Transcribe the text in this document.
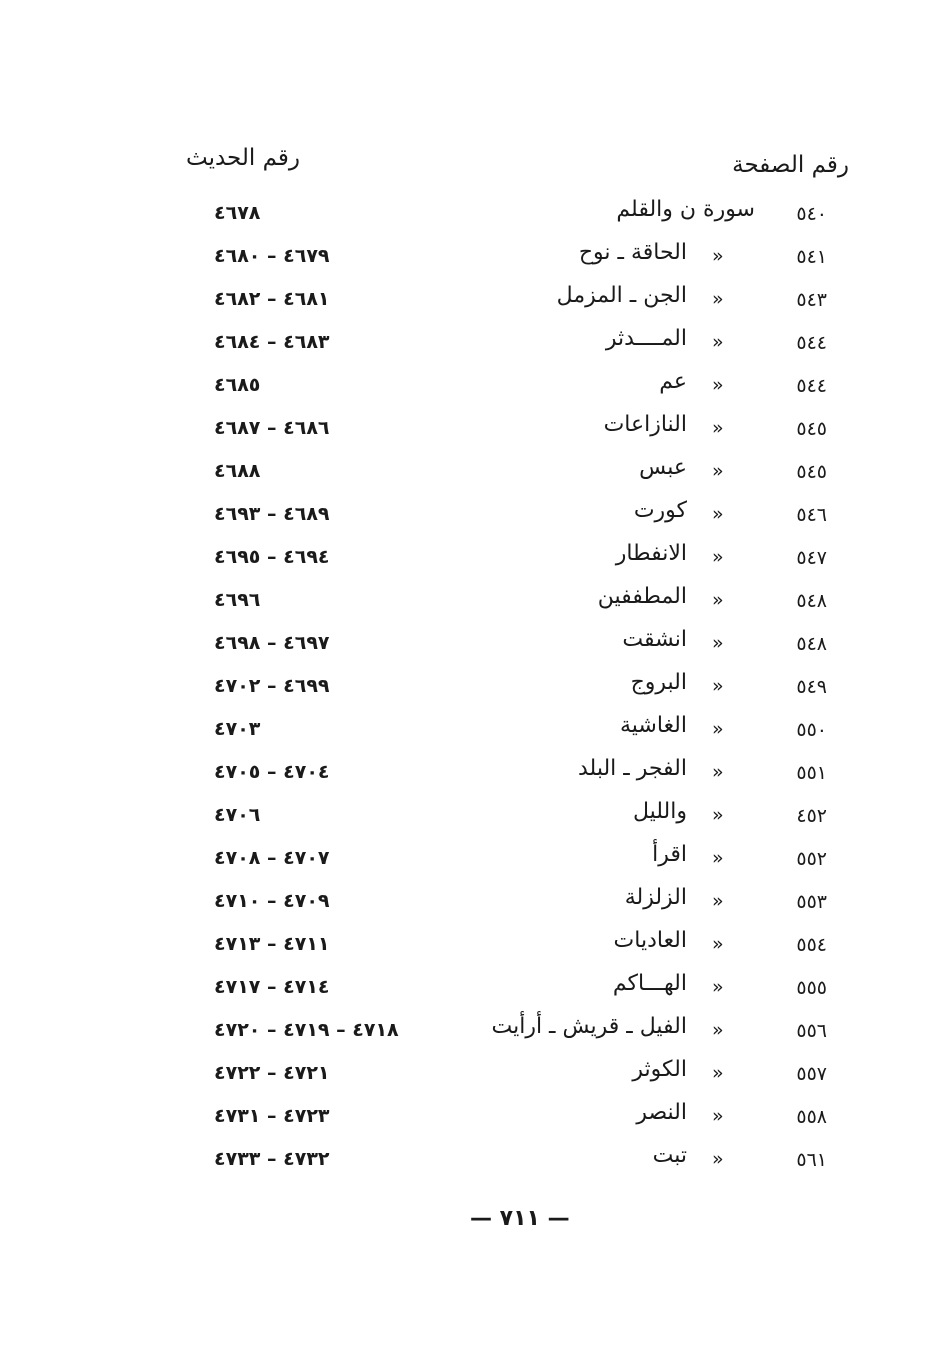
رقم الصفحة
رقم الحديث
٥٤٠
سورة ن والقلم
٤٦٧٨
٥٤١
»
الحاقة ـ نوح
٤٦٧٩ – ٤٦٨٠
٥٤٣
»
الجن ـ المزمل
٤٦٨١ – ٤٦٨٢
٥٤٤
»
المــــدثر
٤٦٨٣ – ٤٦٨٤
٥٤٤
»
عم
٤٦٨٥
٥٤٥
»
النازاعات
٤٦٨٦ – ٤٦٨٧
٥٤٥
»
عبس
٤٦٨٨
٥٤٦
»
كورت
٤٦٨٩ – ٤٦٩٣
٥٤٧
»
الانفطار
٤٦٩٤ – ٤٦٩٥
٥٤٨
»
المطففين
٤٦٩٦
٥٤٨
»
انشقت
٤٦٩٧ – ٤٦٩٨
٥٤٩
»
البروج
٤٦٩٩ – ٤٧٠٢
٥٥٠
»
الغاشية
٤٧٠٣
٥٥١
»
الفجر ـ البلد
٤٧٠٤ – ٤٧٠٥
٤٥٢
»
والليل
٤٧٠٦
٥٥٢
»
اقرأ
٤٧٠٧ – ٤٧٠٨
٥٥٣
»
الزلزلة
٤٧٠٩ – ٤٧١٠
٥٥٤
»
العاديات
٤٧١١ – ٤٧١٣
٥٥٥
»
الهـــاكم
٤٧١٤ – ٤٧١٧
٥٥٦
»
الفيل ـ قريش ـ أرأيت
٤٧١٨ – ٤٧١٩ – ٤٧٢٠
٥٥٧
»
الكوثر
٤٧٢١ – ٤٧٢٢
٥٥٨
»
النصر
٤٧٢٣ – ٤٧٣١
٥٦١
»
تبت
٤٧٣٢ – ٤٧٣٣
— ٧١١ —
